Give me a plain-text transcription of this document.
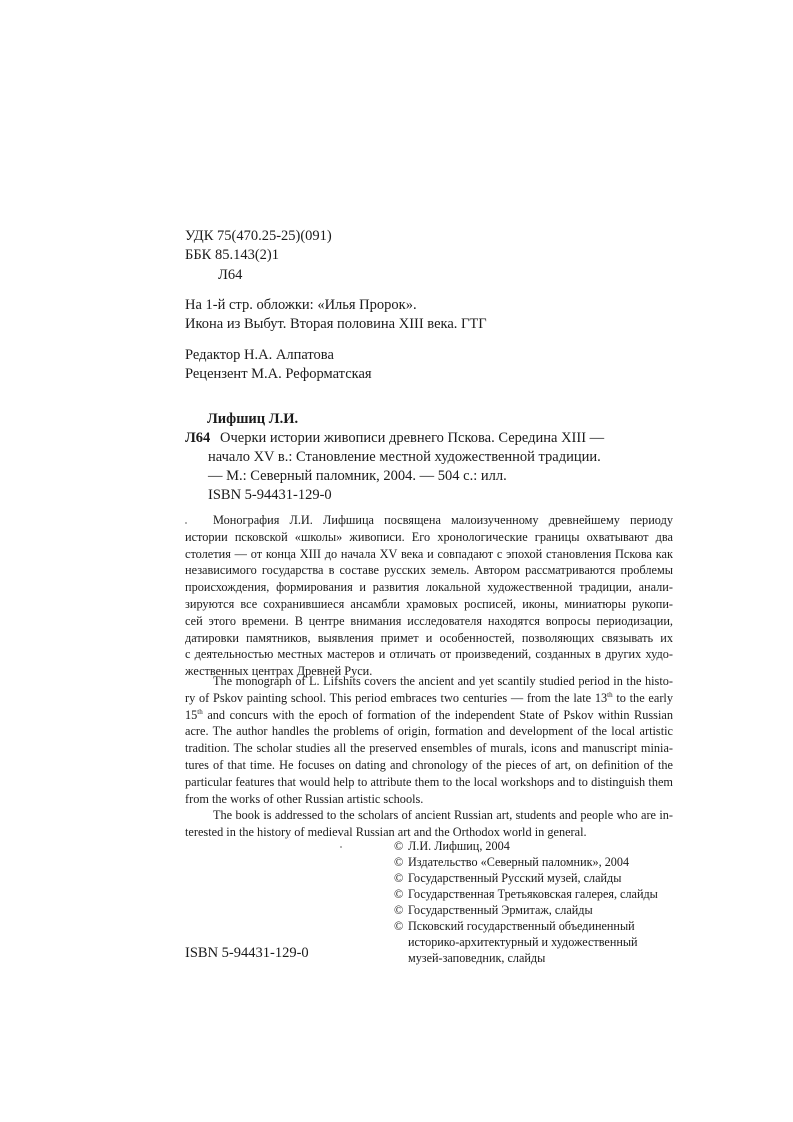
УДК 75(470.25-25)(091)
ББК 85.143(2)1
Л64
На 1-й стр. обложки: «Илья Пророк».
Икона из Выбут. Вторая половина XIII века. ГТГ
Редактор Н.А. Алпатова
Рецензент М.А. Реформатская
Лифшиц Л.И.
Л64 Очерки истории живописи древнего Пскова. Середина XIII —
начало XV в.: Становление местной художественной традиции.
— М.: Северный паломник, 2004. — 504 с.: илл.
ISBN 5-94431-129-0
Монография Л.И. Лифшица посвящена малоизученному древнейшему периоду
истории псковской «школы» живописи. Его хронологические границы охватывают два
столетия — от конца XIII до начала XV века и совпадают с эпохой становления Пскова как
независимого государства в составе русских земель. Автором рассматриваются проблемы
происхождения, формирования и развития локальной художественной традиции, анали-
зируются все сохранившиеся ансамбли храмовых росписей, иконы, миниатюры рукопи-
сей этого времени. В центре внимания исследователя находятся вопросы периодизации,
датировки памятников, выявления примет и особенностей, позволяющих связывать их
с деятельностью местных мастеров и отличать от произведений, созданных в других худо-
жественных центрах Древней Руси.
The monograph of L. Lifshits covers the ancient and yet scantily studied period in the histo-
ry of Pskov painting school. This period embraces two centuries — from the late 13th to the early
15th and concurs with the epoch of formation of the independent State of Pskov within Russian
acre. The author handles the problems of origin, formation and development of the local artistic
tradition. The scholar studies all the preserved ensembles of murals, icons and manuscript minia-
tures of that time. He focuses on dating and chronology of the pieces of art, on definition of the
particular features that would help to attribute them to the local workshops and to distinguish them
from the works of other Russian artistic schools.
The book is addressed to the scholars of ancient Russian art, students and people who are in-
terested in the history of medieval Russian art and the Orthodox world in general.
© Л.И. Лифшиц, 2004
© Издательство «Северный паломник», 2004
© Государственный Русский музей, слайды
© Государственная Третьяковская галерея, слайды
© Государственный Эрмитаж, слайды
© Псковский государственный объединенный
историко-архитектурный и художественный
музей-заповедник, слайды
ISBN 5-94431-129-0
